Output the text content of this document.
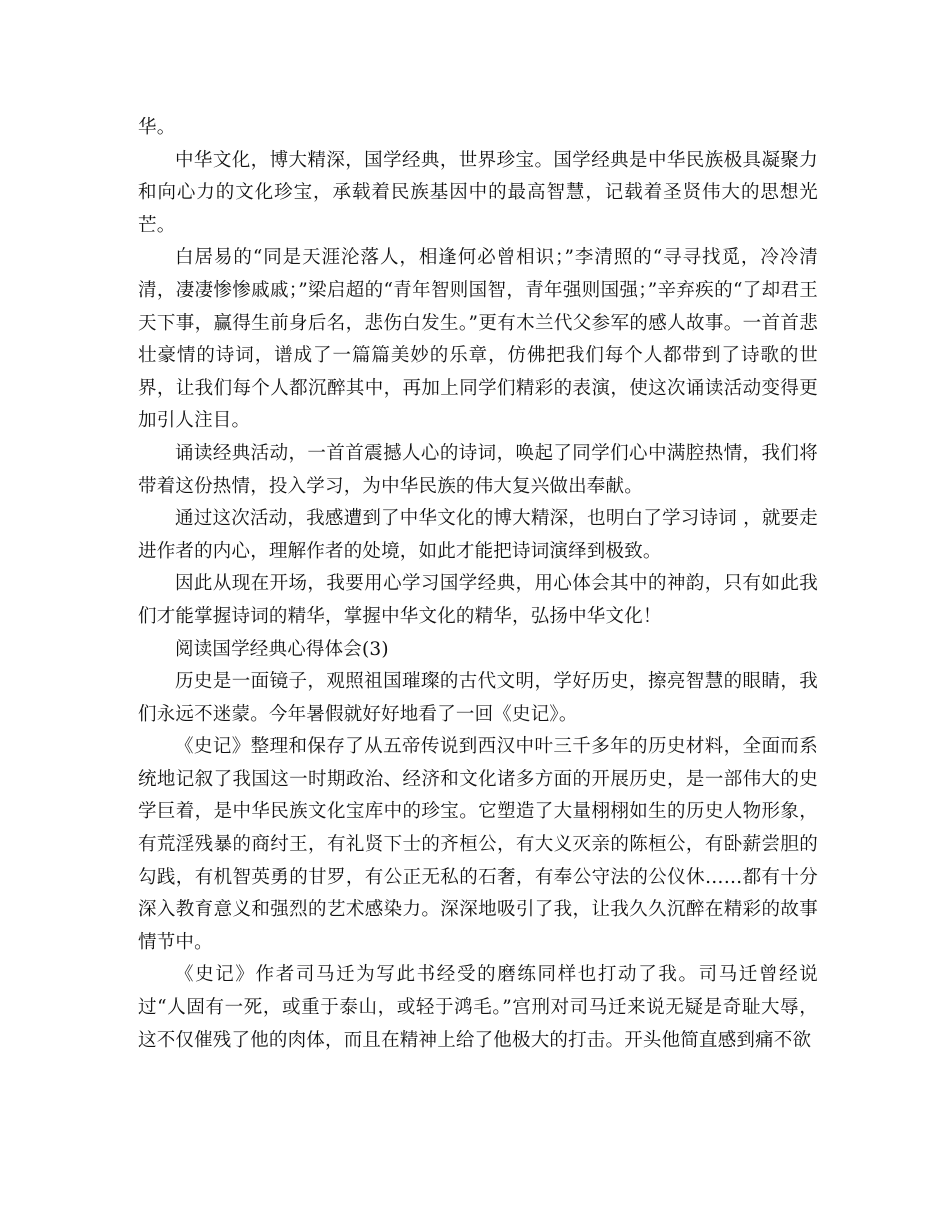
华。

中华文化，博大精深，国学经典，世界珍宝。国学经典是中华民族极具凝聚力和向心力的文化珍宝，承载着民族基因中的最高智慧，记载着圣贤伟大的思想光芒。

白居易的“同是天涯沦落人，相逢何必曾相识；”李清照的“寻寻找觅，冷冷清清，凄凄惨惨戚戚；”梁启超的“青年智则国智，青年强则国强；”辛弃疾的“了却君王天下事，赢得生前身后名，悲伤白发生。”更有木兰代父参军的感人故事。一首首悲壮豪情的诗词，谱成了一篇篇美妙的乐章，仿佛把我们每个人都带到了诗歌的世界，让我们每个人都沉醉其中，再加上同学们精彩的表演，使这次诵读活动变得更加引人注目。

诵读经典活动，一首首震撼人心的诗词，唤起了同学们心中满腔热情，我们将带着这份热情，投入学习，为中华民族的伟大复兴做出奉献。

通过这次活动，我感遭到了中华文化的博大精深，也明白了学习诗词 ，就要走进作者的内心，理解作者的处境，如此才能把诗词演绎到极致。

因此从现在开场，我要用心学习国学经典，用心体会其中的神韵，只有如此我们才能掌握诗词的精华，掌握中华文化的精华，弘扬中华文化！

阅读国学经典心得体会(3)

历史是一面镜子，观照祖国璀璨的古代文明，学好历史，擦亮智慧的眼睛，我们永远不迷蒙。今年暑假就好好地看了一回《史记》。

《史记》整理和保存了从五帝传说到西汉中叶三千多年的历史材料，全面而系统地记叙了我国这一时期政治、经济和文化诸多方面的开展历史，是一部伟大的史学巨着，是中华民族文化宝库中的珍宝。它塑造了大量栩栩如生的历史人物形象，有荒淫残暴的商纣王，有礼贤下士的齐桓公，有大义灭亲的陈桓公，有卧薪尝胆的勾践，有机智英勇的甘罗，有公正无私的石奢，有奉公守法的公仪休……都有十分深入教育意义和强烈的艺术感染力。深深地吸引了我，让我久久沉醉在精彩的故事情节中。

《史记》作者司马迁为写此书经受的磨练同样也打动了我。司马迁曾经说过“人固有一死，或重于泰山，或轻于鸿毛。”宫刑对司马迁来说无疑是奇耻大辱，这不仅催残了他的肉体，而且在精神上给了他极大的打击。开头他简直感到痛不欲
